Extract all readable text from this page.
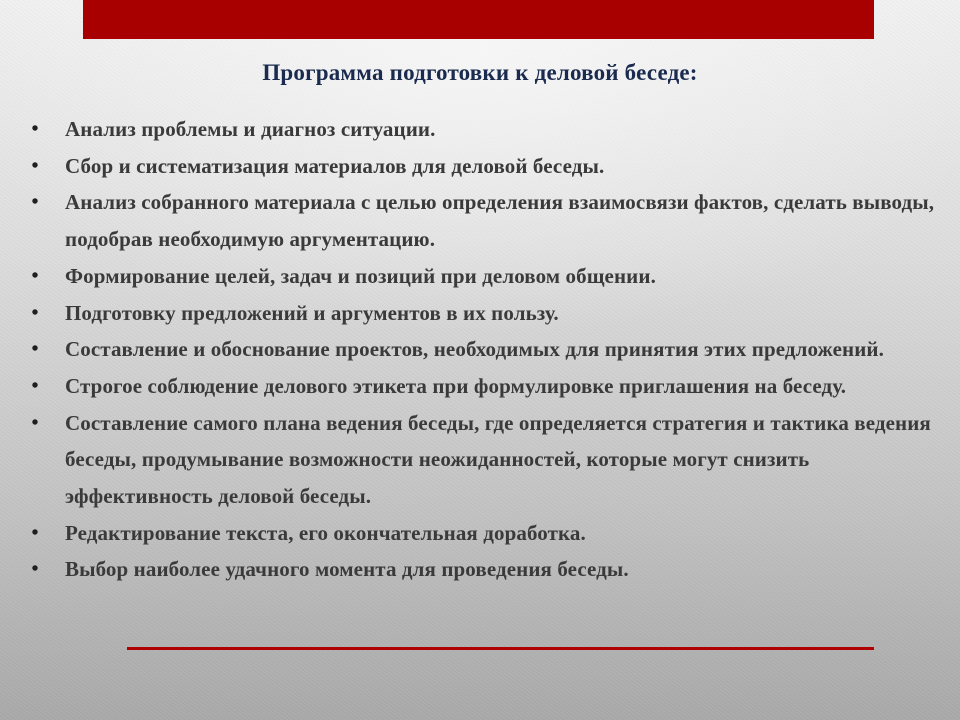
Программа подготовки к деловой беседе:
• Анализ проблемы и диагноз ситуации.
• Сбор и систематизация материалов для деловой беседы.
• Анализ собранного материала с целью определения взаимосвязи фактов, сделать выводы, подобрав необходимую аргументацию.
• Формирование целей, задач и позиций при деловом общении.
• Подготовку предложений и аргументов в их пользу.
• Составление и обоснование проектов, необходимых для принятия этих предложений.
• Строгое соблюдение делового этикета при формулировке приглашения на беседу.
• Составление самого плана ведения беседы, где определяется стратегия и тактика ведения беседы, продумывание возможности неожиданностей, которые могут снизить эффективность деловой беседы.
• Редактирование текста, его окончательная доработка.
• Выбор наиболее удачного момента для проведения беседы.
